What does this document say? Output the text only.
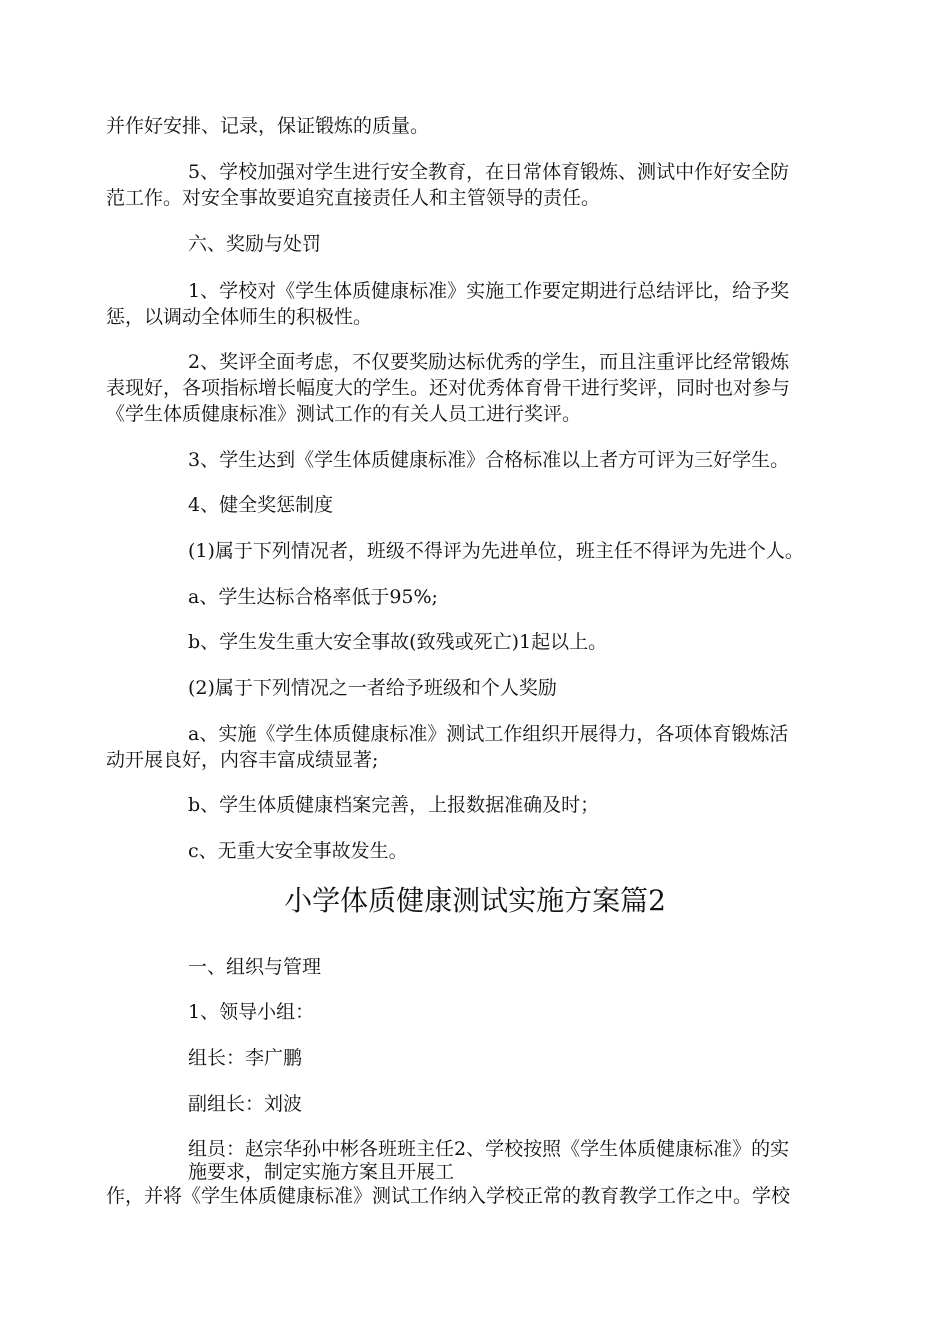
并作好安排、记录，保证锻炼的质量。

5、学校加强对学生进行安全教育，在日常体育锻炼、测试中作好安全防

范工作。对安全事故要追究直接责任人和主管领导的责任。

六、奖励与处罚

1、学校对《学生体质健康标准》实施工作要定期进行总结评比，给予奖

惩，以调动全体师生的积极性。

2、奖评全面考虑，不仅要奖励达标优秀的学生，而且注重评比经常锻炼

表现好，各项指标增长幅度大的学生。还对优秀体育骨干进行奖评，同时也对参与

《学生体质健康标准》测试工作的有关人员工进行奖评。

3、学生达到《学生体质健康标准》合格标准以上者方可评为三好学生。

4、健全奖惩制度

(1)属于下列情况者，班级不得评为先进单位，班主任不得评为先进个人。

a、学生达标合格率低于95%;

b、学生发生重大安全事故(致残或死亡)1起以上。

(2)属于下列情况之一者给予班级和个人奖励

a、实施《学生体质健康标准》测试工作组织开展得力，各项体育锻炼活

动开展良好，内容丰富成绩显著;

b、学生体质健康档案完善，上报数据准确及时；

c、无重大安全事故发生。

小学体质健康测试实施方案篇2

一、组织与管理

1、领导小组：

组长：李广鹏

副组长：刘波

组员：赵宗华孙中彬各班班主任2、学校按照《学生体质健康标准》的实

施要求，制定实施方案且开展工

作，并将《学生体质健康标准》测试工作纳入学校正常的教育教学工作之中。学校
